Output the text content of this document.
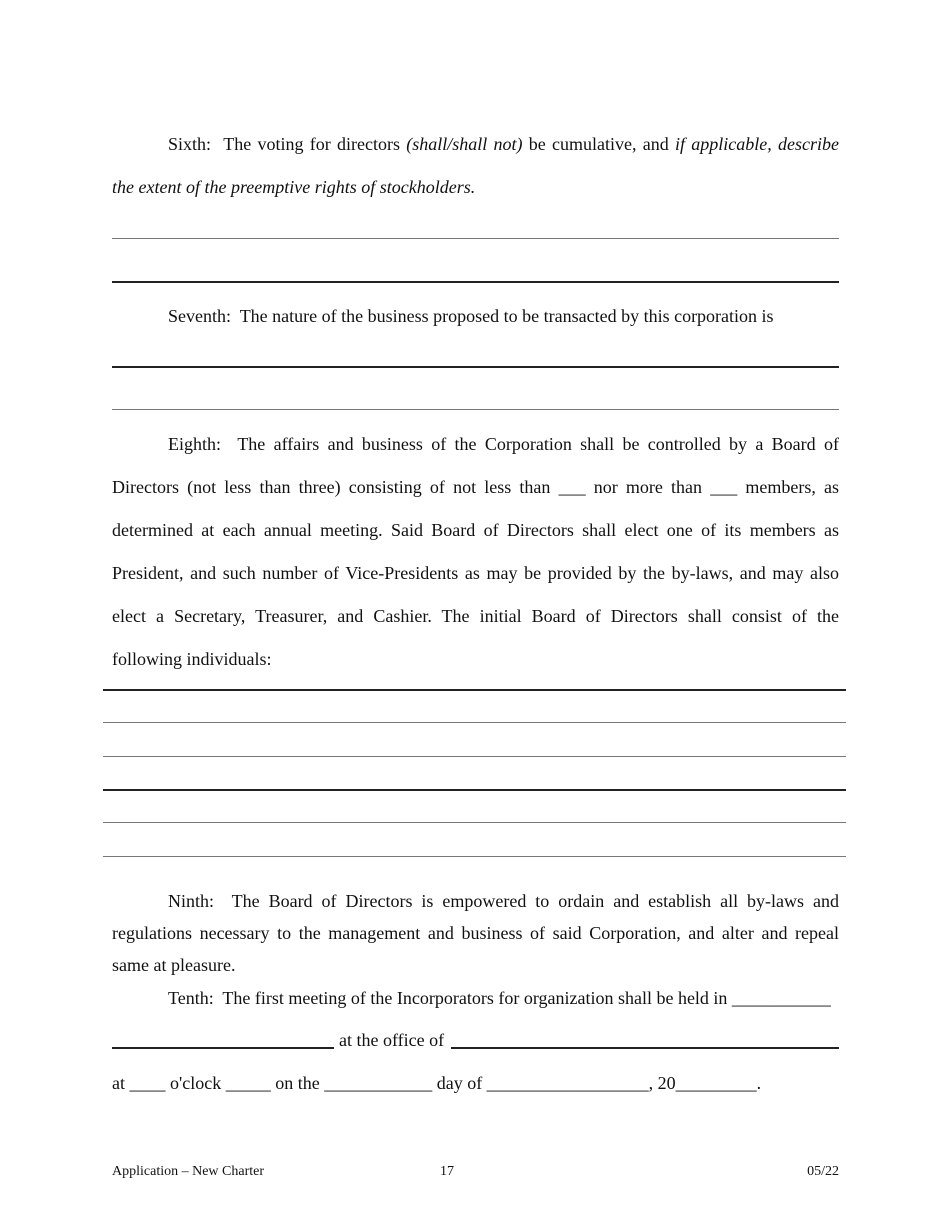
Sixth: The voting for directors (shall/shall not) be cumulative, and if applicable, describe
the extent of the preemptive rights of stockholders.
Seventh: The nature of the business proposed to be transacted by this corporation is
Eighth: The affairs and business of the Corporation shall be controlled by a Board of
Directors (not less than three) consisting of not less than ___ nor more than ___ members, as
determined at each annual meeting. Said Board of Directors shall elect one of its members as
President, and such number of Vice-Presidents as may be provided by the by-laws, and may also
elect a Secretary, Treasurer, and Cashier. The initial Board of Directors shall consist of the
following individuals:
Ninth: The Board of Directors is empowered to ordain and establish all by-laws and
regulations necessary to the management and business of said Corporation, and alter and repeal
same at pleasure.
Tenth: The first meeting of the Incorporators for organization shall be held in ___________
at the office of
at ____ o'clock _____ on the ____________ day of __________________, 20_________.
Application – New Charter	17	05/22
